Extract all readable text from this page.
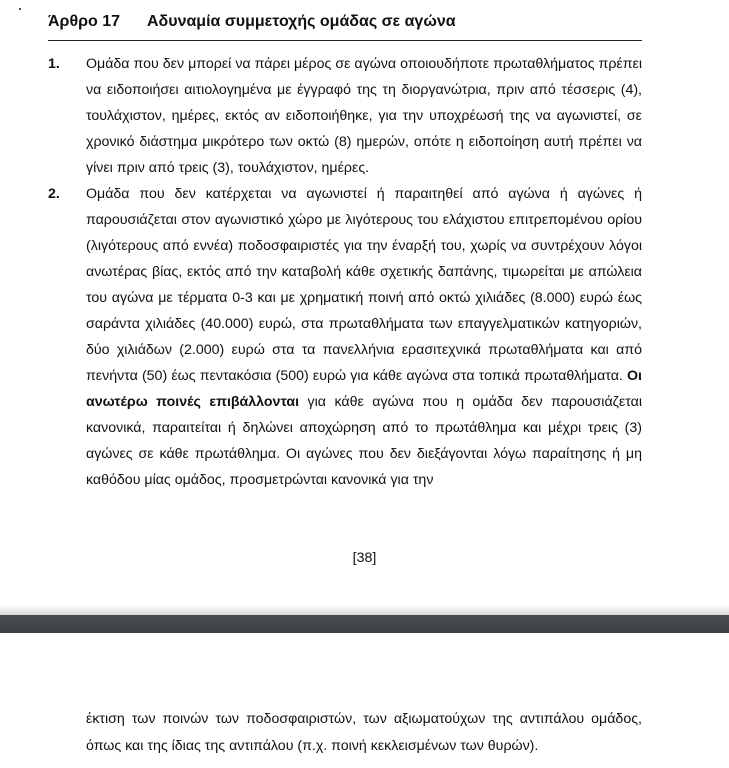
Άρθρο 17 Αδυναμία συμμετοχής ομάδας σε αγώνα
1. Ομάδα που δεν μπορεί να πάρει μέρος σε αγώνα οποιουδήποτε πρωταθλήματος πρέπει να ειδοποιήσει αιτιολογημένα με έγγραφό της τη διοργανώτρια, πριν από τέσσερις (4), τουλάχιστον, ημέρες, εκτός αν ειδοποιήθηκε, για την υποχρέωσή της να αγωνιστεί, σε χρονικό διάστημα μικρότερο των οκτώ (8) ημερών, οπότε η ειδοποίηση αυτή πρέπει να γίνει πριν από τρεις (3), τουλάχιστον, ημέρες.
2. Ομάδα που δεν κατέρχεται να αγωνιστεί ή παραιτηθεί από αγώνα ή αγώνες ή παρουσιάζεται στον αγωνιστικό χώρο με λιγότερους του ελάχιστου επιτρεπομένου ορίου (λιγότερους από εννέα) ποδοσφαιριστές για την έναρξή του, χωρίς να συντρέχουν λόγοι ανωτέρας βίας, εκτός από την καταβολή κάθε σχετικής δαπάνης, τιμωρείται με απώλεια του αγώνα με τέρματα 0-3 και με χρηματική ποινή από οκτώ χιλιάδες (8.000) ευρώ έως σαράντα χιλιάδες (40.000) ευρώ, στα πρωταθλήματα των επαγγελματικών κατηγοριών, δύο χιλιάδων (2.000) ευρώ στα τα πανελλήνια ερασιτεχνικά πρωταθλήματα και από πενήντα (50) έως πεντακόσια (500) ευρώ για κάθε αγώνα στα τοπικά πρωταθλήματα. Οι ανωτέρω ποινές επιβάλλονται για κάθε αγώνα που η ομάδα δεν παρουσιάζεται κανονικά, παραιτείται ή δηλώνει αποχώρηση από το πρωτάθλημα και μέχρι τρεις (3) αγώνες σε κάθε πρωτάθλημα. Οι αγώνες που δεν διεξάγονται λόγω παραίτησης ή μη καθόδου μίας ομάδος, προσμετρώνται κανονικά για την
[38]
έκτιση των ποινών των ποδοσφαιριστών, των αξιωματούχων της αντιπάλου ομάδος, όπως και της ίδιας της αντιπάλου (π.χ. ποινή κεκλεισμένων των θυρών).
